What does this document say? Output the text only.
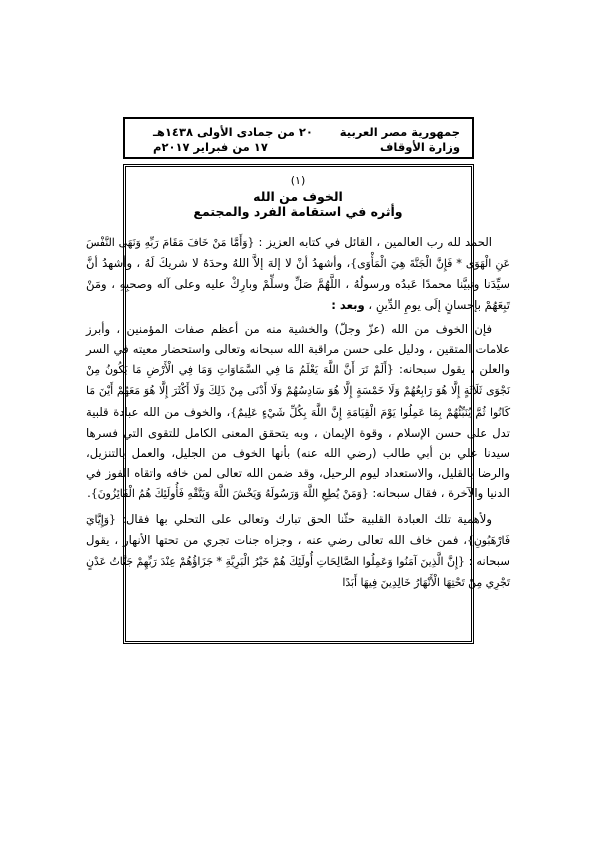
جمهورية مصر العربية
وزارة الأوقاف
٢٠ من جمادى الأولى ١٤٣٨هـ
١٧ من فبراير ٢٠١٧م

(١)

الخوف من الله

وأثره في استقامة الفرد والمجتمع

الحمد لله رب العالمين ، القائل في كتابه العزيز : {وَأَمَّا مَنْ خَافَ مَقَامَ رَبِّهِ وَنَهَى النَّفْسَ عَنِ الْهَوَى * فَإِنَّ الْجَنَّةَ هِيَ الْمَأْوَى}، وأشهدُ أنْ لا إلهَ إلاَّ اللهُ وحدَهُ لا شريكَ لَهُ ، وأشهدُ أنَّ سيِّدَنا ونبيَّنا محمدًا عَبدُه ورسولُهُ ، اللَّهُمَّ صَلِّ وسلِّمْ وبارِكْ عليه وعلى آله وصحبِهِ ، ومَنْ تَبِعَهُمْ بإحسانٍ إلَى يومِ الدِّينِ ، وبعد :

فإن الخوف من الله (عزّ وجلّ) والخشية منه من أعظم صفات المؤمنين ، وأبرز علامات المتقين ، ودليل على حسن مراقبة الله سبحانه وتعالى واستحضار معيته في السر والعلن ، يقول سبحانه: {أَلَمْ تَرَ أَنَّ اللَّهَ يَعْلَمُ مَا فِي السَّمَاوَاتِ وَمَا فِي الْأَرْضِ مَا يَكُونُ مِنْ نَجْوَى ثَلَاثَةٍ إِلَّا هُوَ رَابِعُهُمْ وَلَا خَمْسَةٍ إِلَّا هُوَ سَادِسُهُمْ وَلَا أَدْنَى مِنْ ذَلِكَ وَلَا أَكْثَرَ إِلَّا هُوَ مَعَهُمْ أَيْنَ مَا كَانُوا ثُمَّ يُنَبِّئُهُمْ بِمَا عَمِلُوا يَوْمَ الْقِيَامَةِ إِنَّ اللَّهَ بِكُلِّ شَيْءٍ عَلِيمٌ}، والخوف من الله عبادة قلبية تدل على حسن الإسلام ، وقوة الإيمان ، وبه يتحقق المعنى الكامل للتقوى التي فسرها سيدنا علي بن أبي طالب (رضي الله عنه) بأنها الخوف من الجليل، والعمل بالتنزيل، والرضا بالقليل، والاستعداد ليوم الرحيل، وقد ضمن الله تعالى لمن خافه واتقاه الفوز في الدنيا والآخرة ، فقال سبحانه: {وَمَنْ يُطِعِ اللَّهَ وَرَسُولَهُ وَيَخْشَ اللَّهَ وَيَتَّقْهِ فَأُولَئِكَ هُمُ الْفَائِزُونَ}.

ولأهمية تلك العبادة القلبية حثّنا الحق تبارك وتعالى على التحلي بها فقال: {وَإِيَّايَ فَارْهَبُونِ}، فمن خاف الله تعالى رضي عنه ، وجزاه جنات تجري من تحتها الأنهار ، يقول سبحانه : {إِنَّ الَّذِينَ آمَنُوا وَعَمِلُوا الصَّالِحَاتِ أُولَئِكَ هُمْ خَيْرُ الْبَرِيَّةِ * جَزَاؤُهُمْ عِنْدَ رَبِّهِمْ جَنَّاتُ عَدْنٍ تَجْرِي مِنْ تَحْتِهَا الْأَنْهَارُ خَالِدِينَ فِيهَا أَبَدًا
